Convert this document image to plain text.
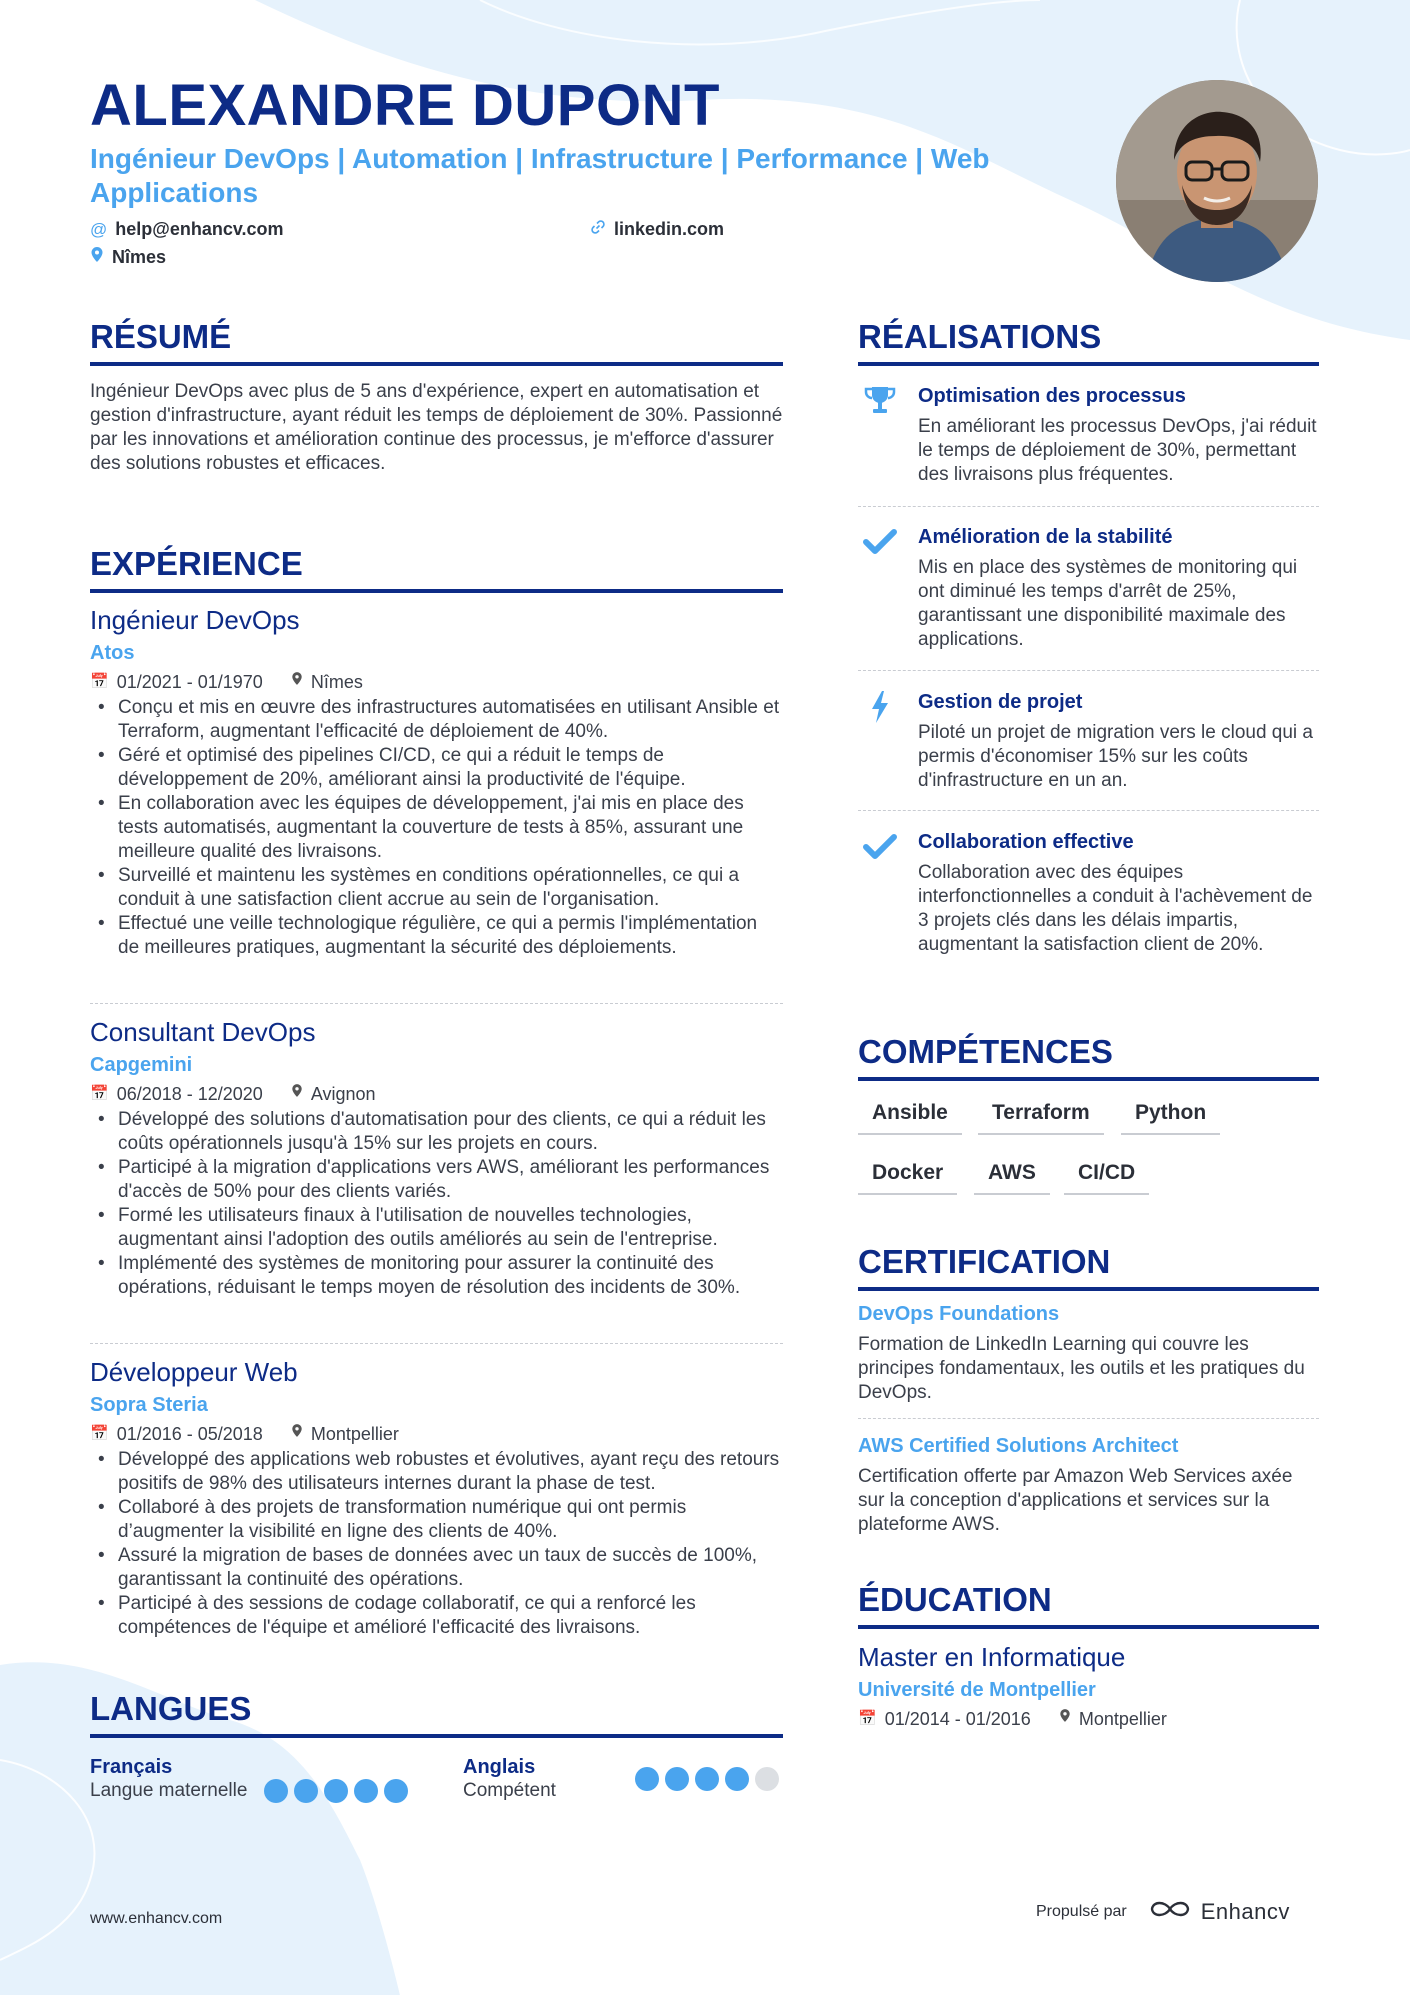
ALEXANDRE DUPONT
Ingénieur DevOps | Automation | Infrastructure | Performance | Web Applications
@ help@enhancv.com	linkedin.com
Nîmes
RÉSUMÉ
Ingénieur DevOps avec plus de 5 ans d'expérience, expert en automatisation et gestion d'infrastructure, ayant réduit les temps de déploiement de 30%. Passionné par les innovations et amélioration continue des processus, je m'efforce d'assurer des solutions robustes et efficaces.
EXPÉRIENCE
Ingénieur DevOps
Atos
📅 01/2021 - 01/1970	Nîmes
• Conçu et mis en œuvre des infrastructures automatisées en utilisant Ansible et Terraform, augmentant l'efficacité de déploiement de 40%.
• Géré et optimisé des pipelines CI/CD, ce qui a réduit le temps de développement de 20%, améliorant ainsi la productivité de l'équipe.
• En collaboration avec les équipes de développement, j'ai mis en place des tests automatisés, augmentant la couverture de tests à 85%, assurant une meilleure qualité des livraisons.
• Surveillé et maintenu les systèmes en conditions opérationnelles, ce qui a conduit à une satisfaction client accrue au sein de l'organisation.
• Effectué une veille technologique régulière, ce qui a permis l'implémentation de meilleures pratiques, augmentant la sécurité des déploiements.
Consultant DevOps
Capgemini
📅 06/2018 - 12/2020	Avignon
• Développé des solutions d'automatisation pour des clients, ce qui a réduit les coûts opérationnels jusqu'à 15% sur les projets en cours.
• Participé à la migration d'applications vers AWS, améliorant les performances d'accès de 50% pour des clients variés.
• Formé les utilisateurs finaux à l'utilisation de nouvelles technologies, augmentant ainsi l'adoption des outils améliorés au sein de l'entreprise.
• Implémenté des systèmes de monitoring pour assurer la continuité des opérations, réduisant le temps moyen de résolution des incidents de 30%.
Développeur Web
Sopra Steria
📅 01/2016 - 05/2018	Montpellier
• Développé des applications web robustes et évolutives, ayant reçu des retours positifs de 98% des utilisateurs internes durant la phase de test.
• Collaboré à des projets de transformation numérique qui ont permis d’augmenter la visibilité en ligne des clients de 40%.
• Assuré la migration de bases de données avec un taux de succès de 100%, garantissant la continuité des opérations.
• Participé à des sessions de codage collaboratif, ce qui a renforcé les compétences de l'équipe et amélioré l'efficacité des livraisons.
LANGUES
Français
Langue maternelle
Anglais
Compétent
RÉALISATIONS
Optimisation des processus
En améliorant les processus DevOps, j'ai réduit le temps de déploiement de 30%, permettant des livraisons plus fréquentes.
Amélioration de la stabilité
Mis en place des systèmes de monitoring qui ont diminué les temps d'arrêt de 25%, garantissant une disponibilité maximale des applications.
Gestion de projet
Piloté un projet de migration vers le cloud qui a permis d'économiser 15% sur les coûts d'infrastructure en un an.
Collaboration effective
Collaboration avec des équipes interfonctionnelles a conduit à l'achèvement de 3 projets clés dans les délais impartis, augmentant la satisfaction client de 20%.
COMPÉTENCES
Ansible	Terraform	Python
Docker	AWS	CI/CD
CERTIFICATION
DevOps Foundations
Formation de LinkedIn Learning qui couvre les principes fondamentaux, les outils et les pratiques du DevOps.
AWS Certified Solutions Architect
Certification offerte par Amazon Web Services axée sur la conception d'applications et services sur la plateforme AWS.
ÉDUCATION
Master en Informatique
Université de Montpellier
📅 01/2014 - 01/2016	Montpellier
www.enhancv.com	Propulsé par	Enhancv
